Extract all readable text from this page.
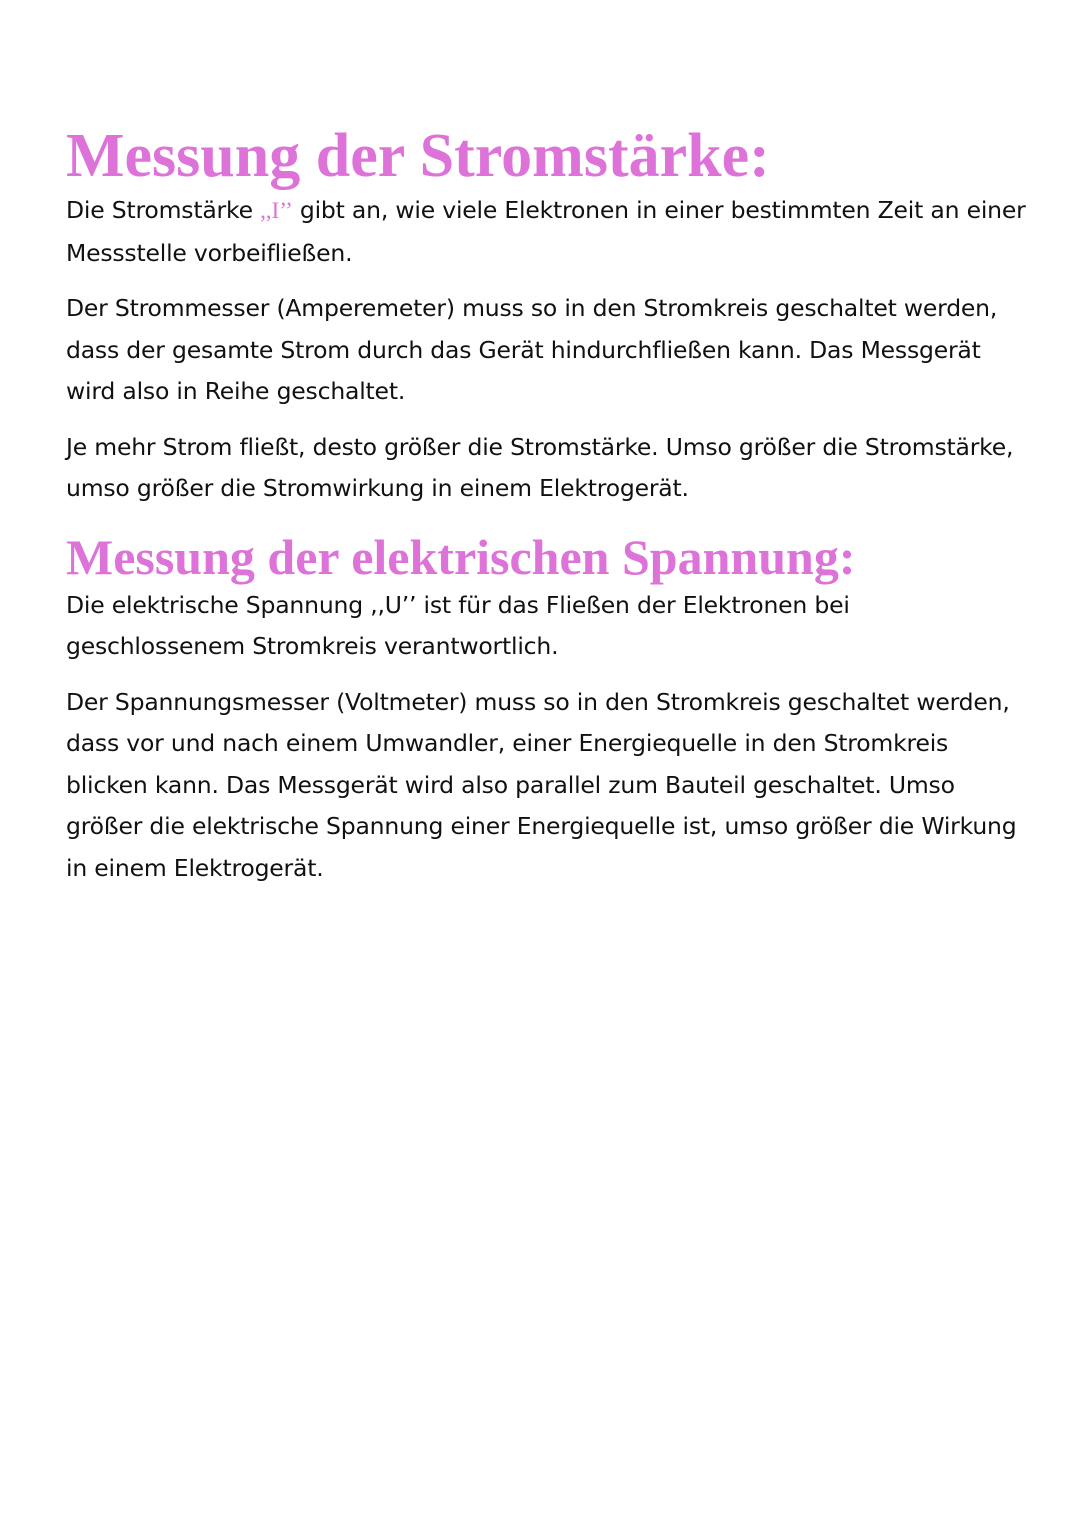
Messung der Stromstärke:

Die Stromstärke ,,I’’ gibt an, wie viele Elektronen in einer bestimmten Zeit an einer Messstelle vorbeifließen.

Der Strommesser (Amperemeter) muss so in den Stromkreis geschaltet werden, dass der gesamte Strom durch das Gerät hindurchfließen kann. Das Messgerät wird also in Reihe geschaltet.

Je mehr Strom fließt, desto größer die Stromstärke. Umso größer die Stromstärke, umso größer die Stromwirkung in einem Elektrogerät.

Messung der elektrischen Spannung:

Die elektrische Spannung ,,U’’ ist für das Fließen der Elektronen bei geschlossenem Stromkreis verantwortlich.

Der Spannungsmesser (Voltmeter) muss so in den Stromkreis geschaltet werden, dass vor und nach einem Umwandler, einer Energiequelle in den Stromkreis blicken kann. Das Messgerät wird also parallel zum Bauteil geschaltet. Umso größer die elektrische Spannung einer Energiequelle ist, umso größer die Wirkung in einem Elektrogerät.
